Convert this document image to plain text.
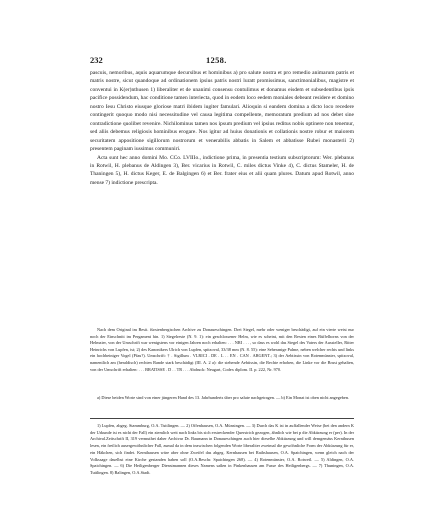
232	1258.

pascuis, nemoribus, aquis aquarumque decursibus et hominibus a) pro salute nostra et pro remedio animarum patris et matris nostre, sicut quandoque ad ordinationem ipsius patris nostri luratt promissimus, sanctimonialibus, magistre et conventui in K(er)nthusen 1) liberaliter et de unanimi consensu contulimus et donamus eisdem et subsedentibus ipsis pacifice possidendum, hac conditione tamen interiecta, quod in eodem loco eedem moniales debeant residere et domino nostro Iesu Christo eiusque gloriose matri ibidem iugiter famulari. Alioquin si eandem domina a dicto loco recedere contingerit quoquo modo nisi necessitudine vel causa legitima compellente, memoratum predium ad nos debet sine contradictione quolibet revenire. Nichilominus tamen nos ipsum predium vel ipsius reditus nobis optinere non tenemur, sed aliis debemus religiosis hominibus erogare. Nos igitur ad huius donationis et collationis nostre robur et maiorem securitatem appositione sigillorum nostrorum et venerabilis abbatis in Salem et abbatisse Rubei monasterii 2) presentem paginam iussimus communiri.

Acta sunt hec anno domini Mo. CCo. LVIIIo., indictione prima, in presentia testium subscriptorum: Wer. plebanus in Rotwil, H. plebanus de Aldingen 3), Ber. vicarius in Rotwil, C. miles dictus Vinke 4), C. dictus Stameler, H. de Thaningen 5), H. dictus Keger, E. de Balgingen 6) et Ber. frater eius et alii quam plures. Datum apud Rotwil, anno mense 7) indictione prescripta.

Nach dem Original im Besit. fürstenbergischen Archive zu Donaueschingen. Drei Siegel, mehr oder weniger beschädigt, auf ein vierte weist nur noch der Einschnitt im Pergament hin. 1) Siegelreste (N. 9. 1): ein geschlossener Helm, wie es scheint, mit den Resten eines Büffelhorns von der Helmzier, von der Umschrift war wenigstens vor einigen Jahren noch erhalten: . . . NRI . . . , so dass es wohl das Siegel des Vaters der Aussteller, Ritter Heinrichs von Lupfen, ist; 2) des Kanonikers Ulrich von Lupfen, spitzoval, 33/38 mm (N. 8. 55): eine Seheranige Palme, neben welcher rechts und links ein hochbeiniger Vogel (Pfau?). Umschrift: † . Sigillum . VLRICI . DE . L . . EN . CAN . ARGENT.; 3) der Aebtissin von Rotenmünster, spitzoval, namentlich am (heraldisch) rechten Rande stark beschädigt (III. A. 2 a): die stehende Aebtissin, die Rechte erhoben, die Linke vor die Brust gehalten, von der Umschrift erhalten: . . . BRATISSE . D . . TR . . . Abdruck: Neugart, Codex diplom. II. p. 222, Nr. 970.

a) Diese beiden Worte sind von einer jüngeren Hand des 13. Jahrhunderts über pro salute nachgetragen. — b) Ein Monat ist oben nicht angegeben.

1) Lupfen, abgeg. Stammburg, O.A. Tuttlingen. — 2) Offenhausen, O.A. Münsingen. — 3) Durch das K ist in auffallender Weise (bei den andern K der Urkunde ist es nicht der Fall) ein ziemlich weit nach links bis sich erstreckender Querstrich gezogen, ähnlich wie bei p die Abkürzung er (per). In der Archival.Zeitschrift II, 319 vermuthet daher Archivar Dr. Baumann in Donaueschingen auch hier dieselbe Abkürzung und will demgemäss Kernthusen lesen, ein freilich ausergewöhnlicher Fall, zumal da in dem inzwischen folgenden Worte liberaliter zweimal die gewöhnliche Form der Abkürzung für er, ein Häkchen, sich findet. Kernthausen wäre aber ohne Zweifel das abgeg. Kernhausen bei Rathshausen, O.A. Spaichingen, wenn gleich nach der Volkssage daselbst eine Kirche gestanden haben soll (O.A.Beschr. Spaichingen 268). — 4) Rotenmünster, O.A. Rotweil. — 5) Aldingen, O.A. Spaichingen. — 6) Die Heiligenberger Dienstmannen dieses Namens saßen in Pinkenhausen am Fusse des Heiligenbergs. — 7) Thuningen, O.A. Tuttlingen. 8) Balingen, O.A.Stadt.
